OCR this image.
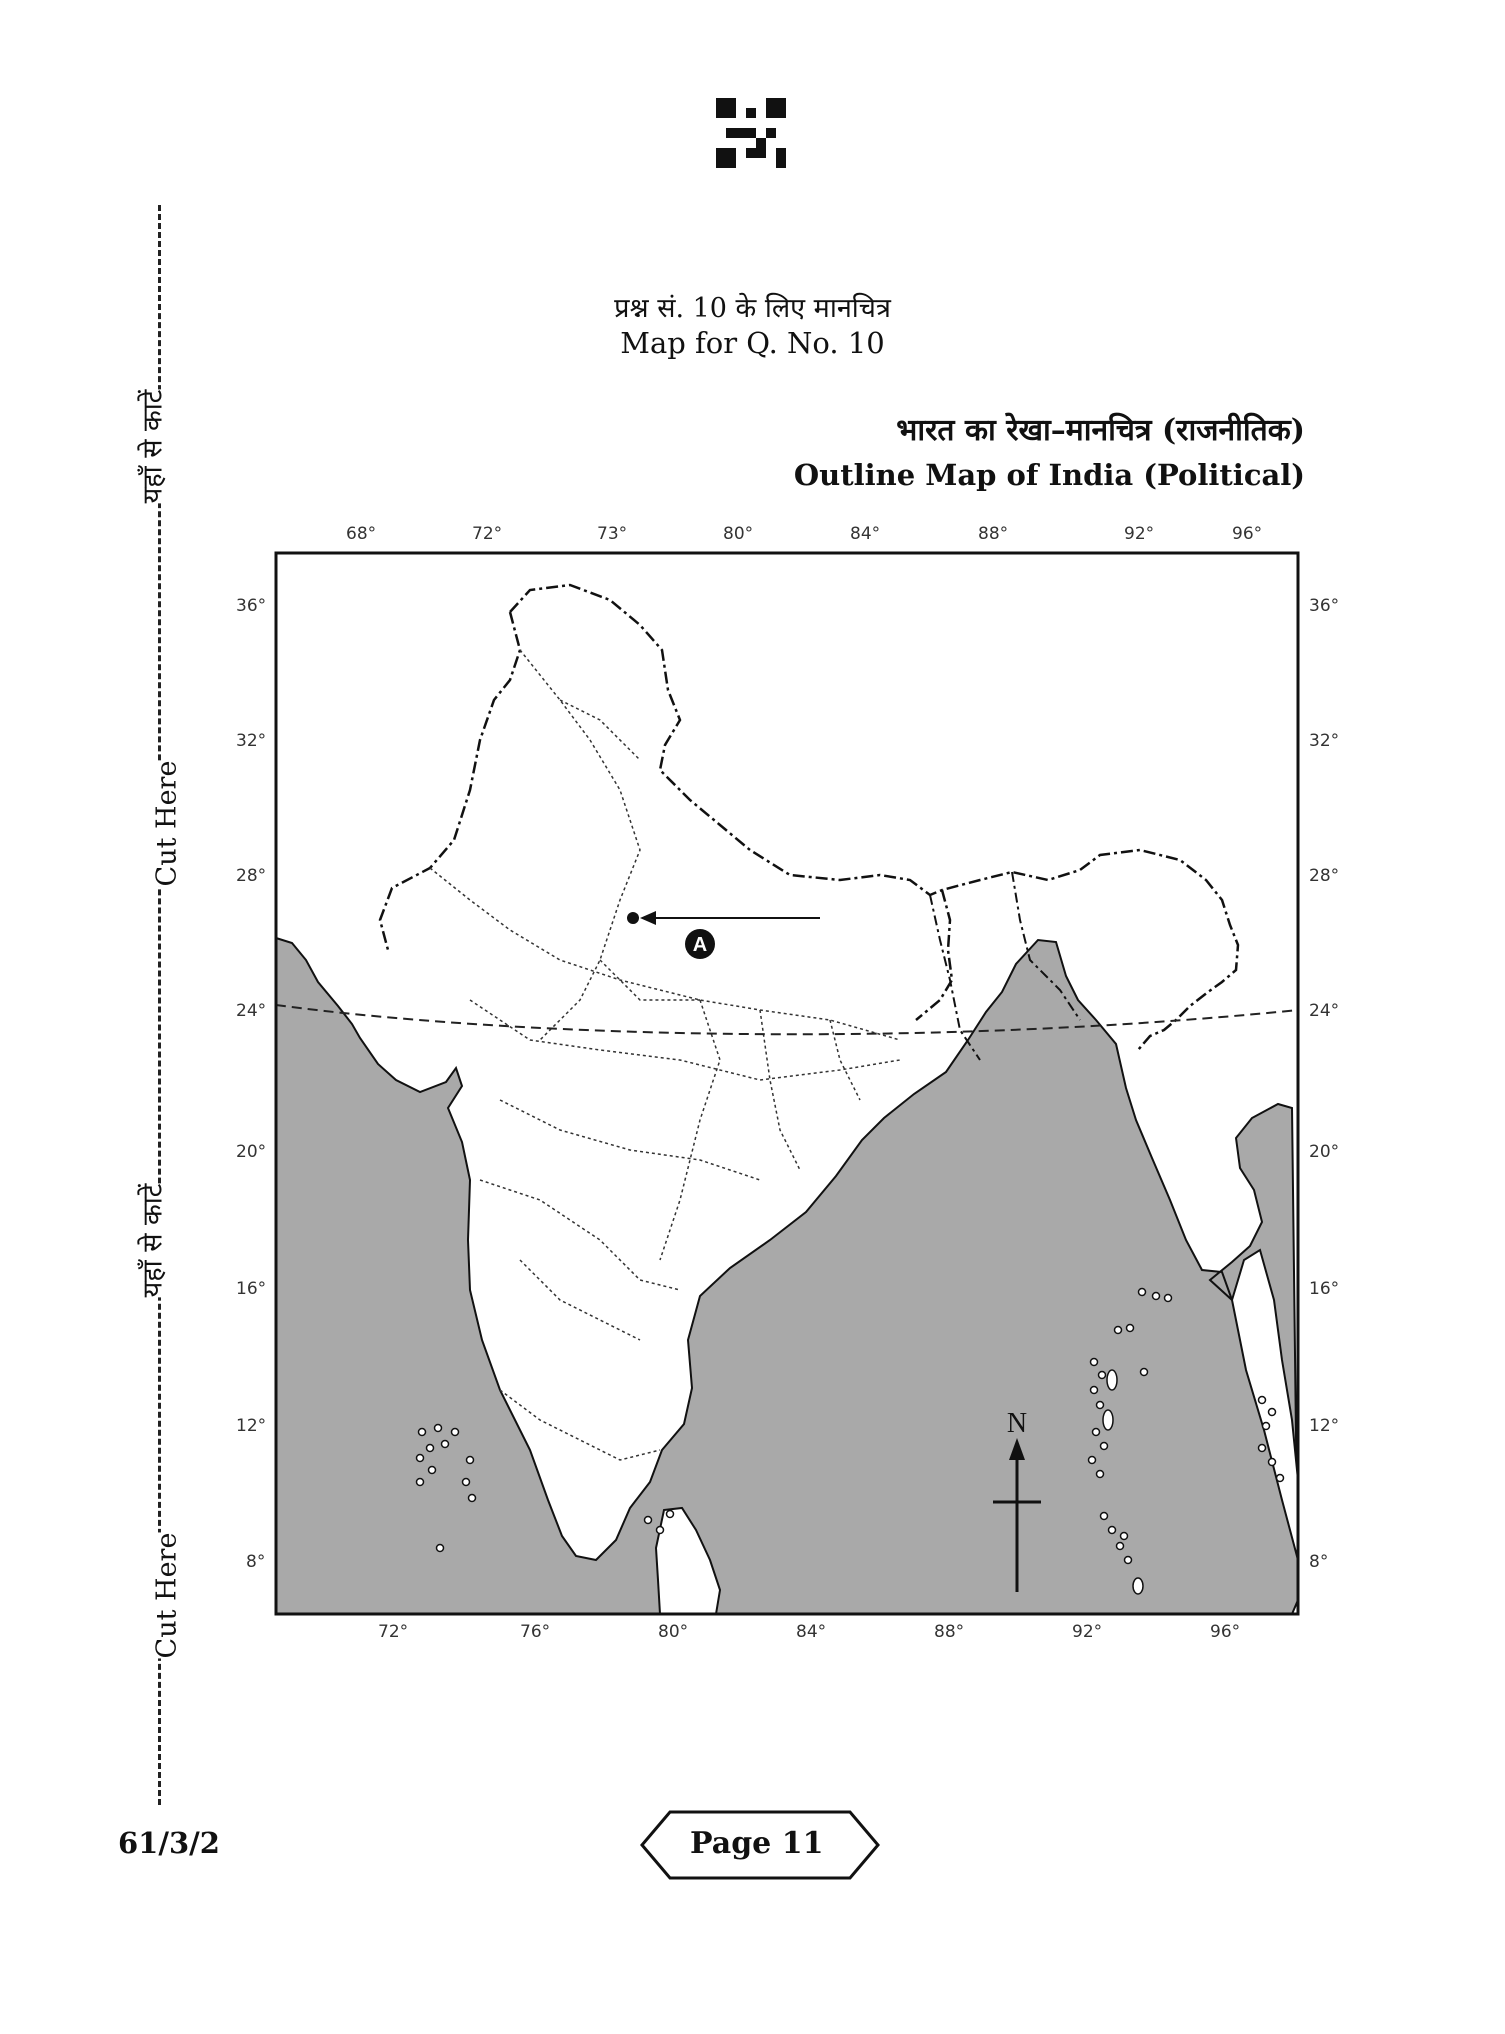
प्रश्न सं. 10 के लिए मानचित्र
Map for Q. No. 10
भारत का रेखा–मानचित्र (राजनीतिक)
Outline Map of India (Political)
यहाँ से काटें
Cut Here
यहाँ से काटें
Cut Here
A
N
68°	72°	73°	80°	84°	88°	92°	96°
72°	76°	80°	84°	88°	92°	96°
36°
32°
28°
24°
20°
16°
12°
8°
36°
32°
28°
24°
20°
16°
12°
8°
61/3/2	Page 11
